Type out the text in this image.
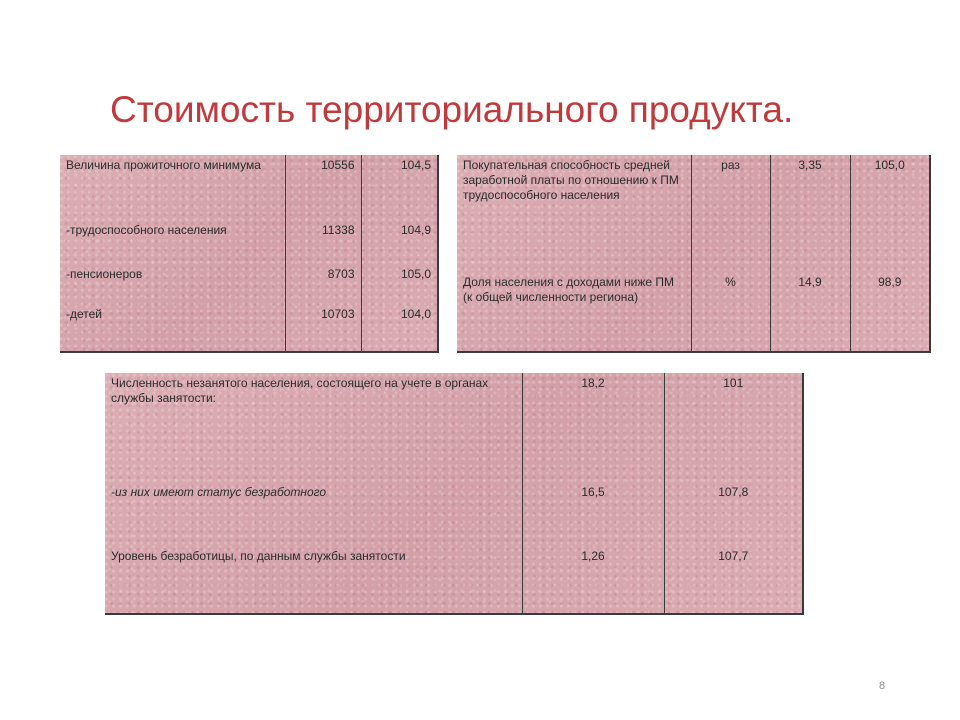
Стоимость территориального продукта.
Величина прожиточного минимума	10556	104,5
-трудоспособного населения	11338	104,9
-пенсионеров	8703	105,0
-детей	10703	104,0
Покупательная способность средней заработной платы по отношению к ПМ трудоспособного населения	раз	3,35	105,0
Доля населения с доходами ниже ПМ (к общей численности региона)	%	14,9	98,9
Численность незанятого населения, состоящего на учете в органах службы занятости:	18,2	101
-из них имеют статус безработного	16,5	107,8
Уровень безработицы, по данным службы занятости	1,26	107,7
8
